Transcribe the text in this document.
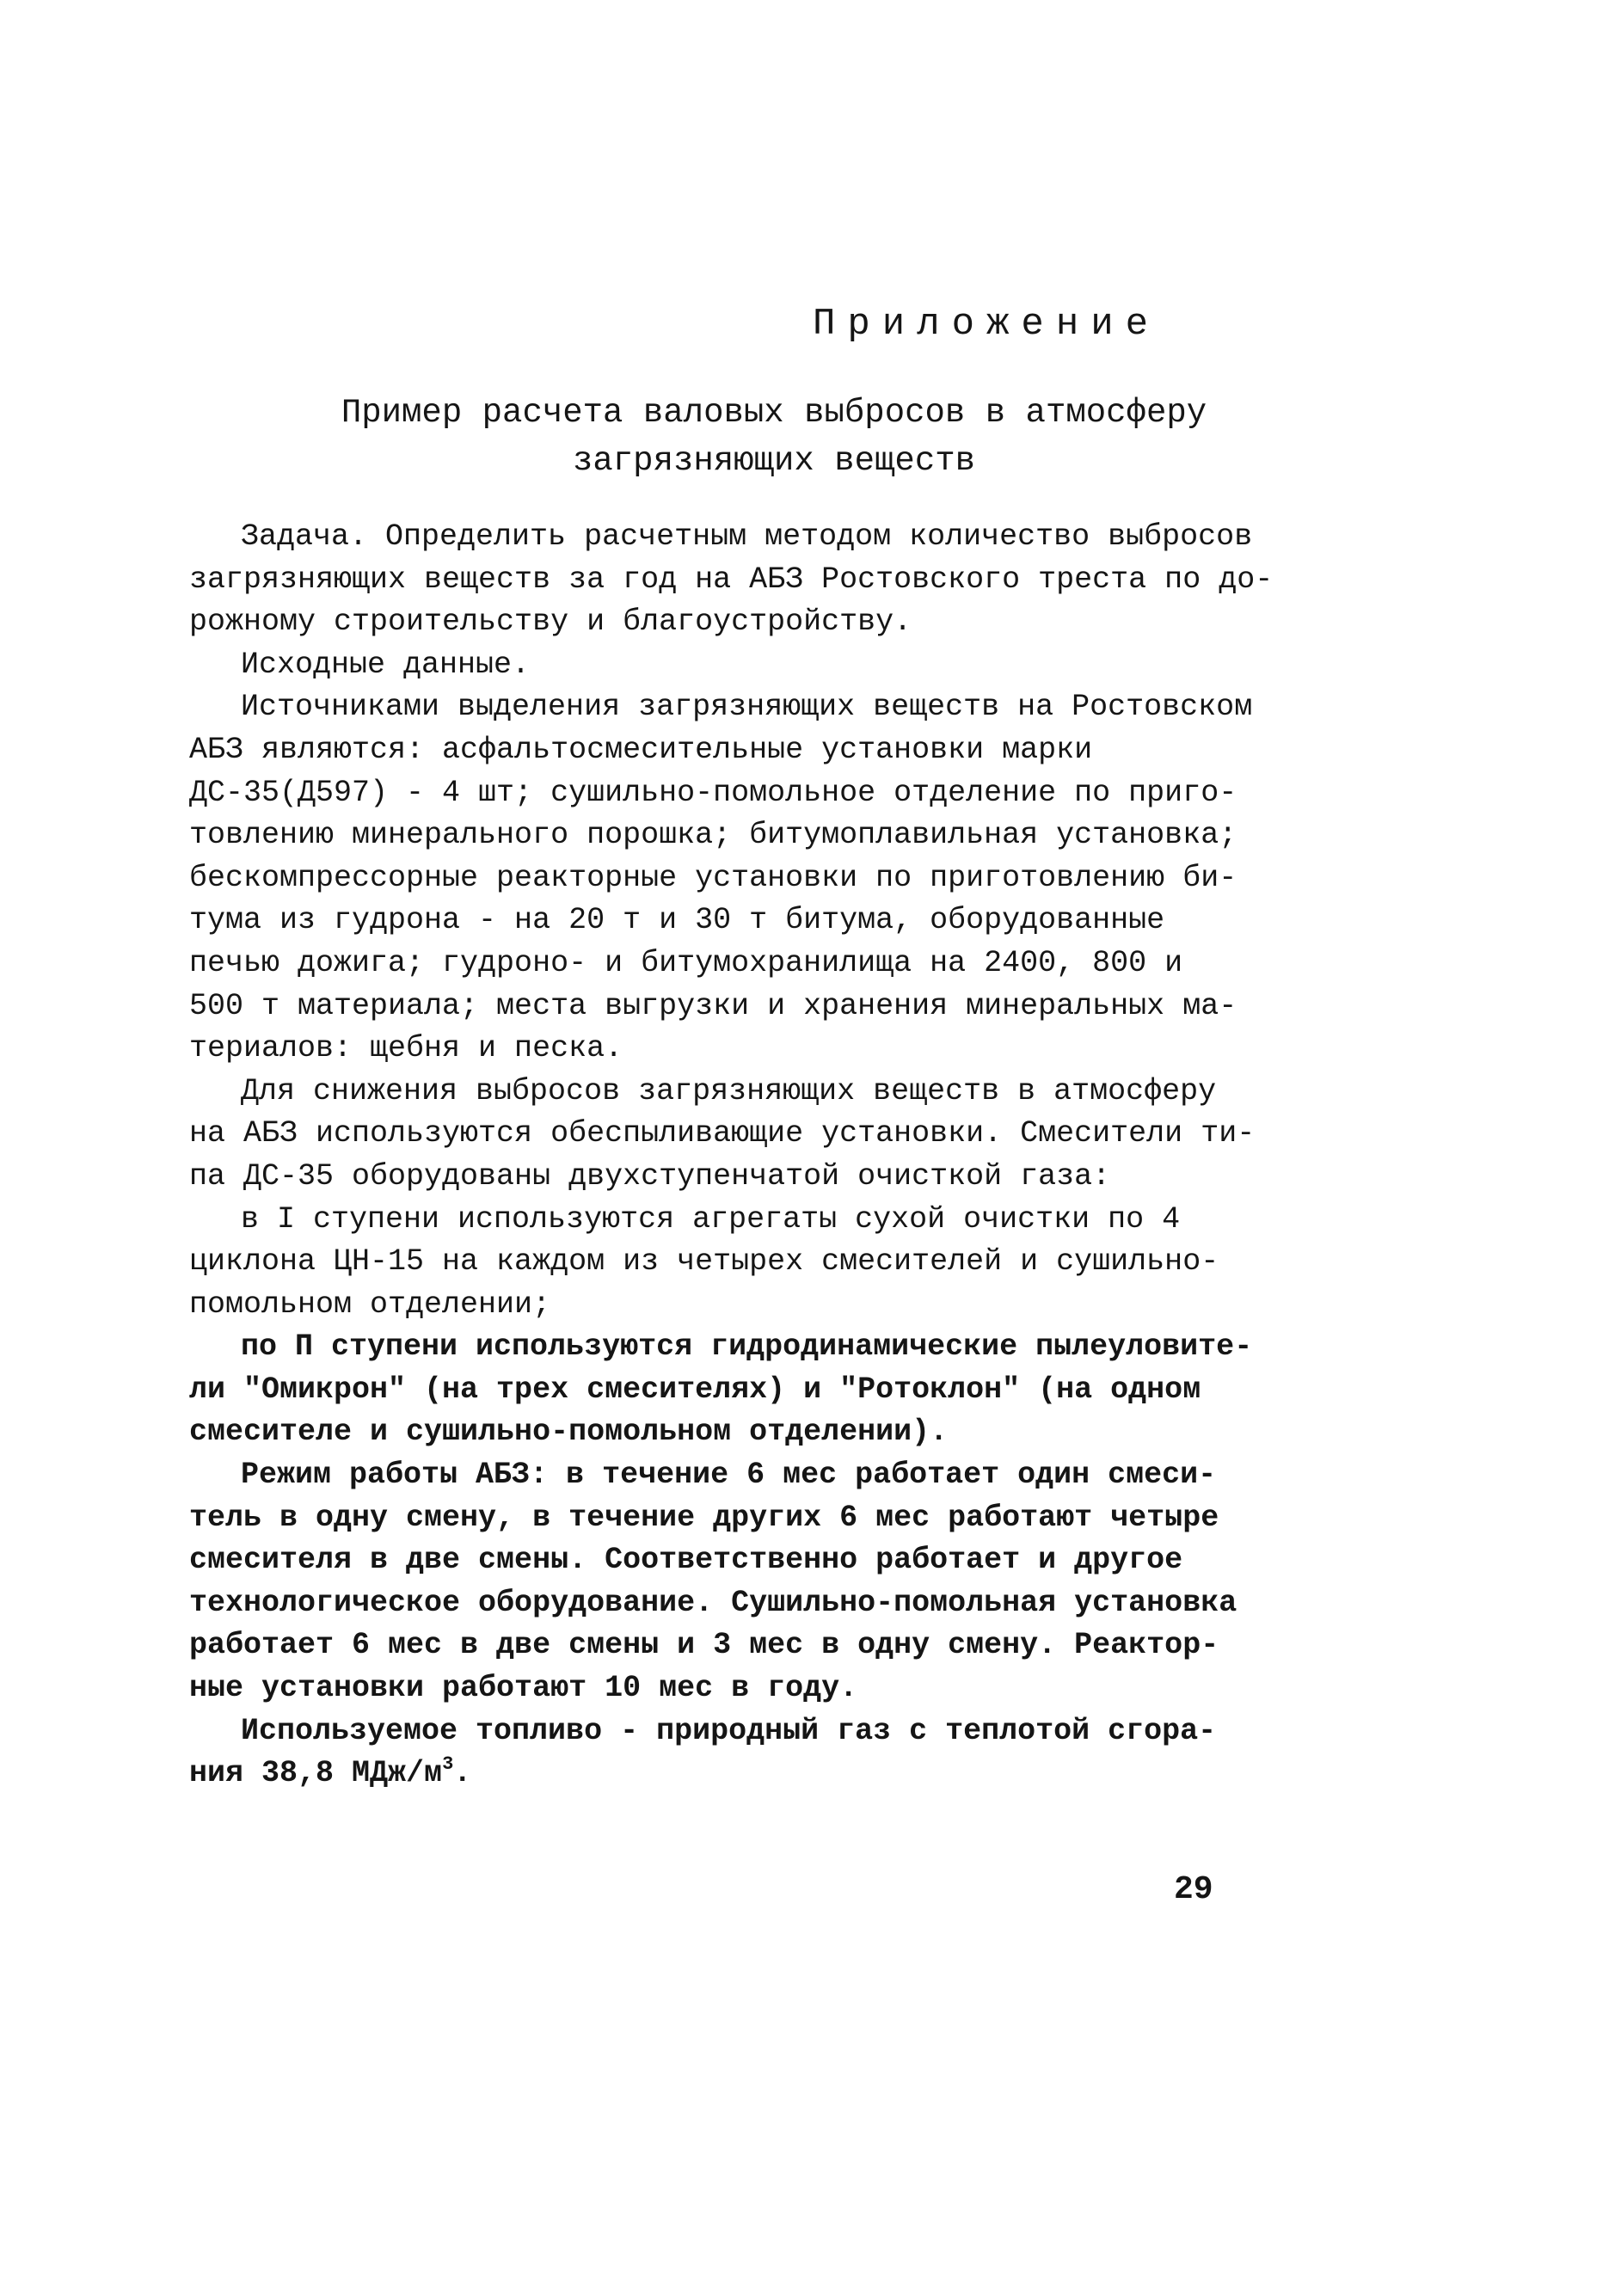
Приложение
Пример расчета валовых выбросов в атмосферу
загрязняющих веществ
Задача. Определить расчетным методом количество выбросов
загрязняющих веществ за год на АБЗ Ростовского треста по до-
рожному строительству и благоустройству.
Исходные данные.
Источниками выделения загрязняющих веществ на Ростовском
АБЗ являются: асфальтосмесительные установки марки
ДС-35(Д597) - 4 шт; сушильно-помольное отделение по приго-
товлению минерального порошка; битумоплавильная установка;
бескомпрессорные реакторные установки по приготовлению би-
тума из гудрона - на 20 т и 30 т битума, оборудованные
печью дожига; гудроно- и битумохранилища на 2400, 800 и
500 т материала; места выгрузки и хранения минеральных ма-
териалов: щебня и песка.
Для снижения выбросов загрязняющих веществ в атмосферу
на АБЗ используются обеспыливающие установки. Смесители ти-
па ДС-35 оборудованы двухступенчатой очисткой газа:
в I ступени используются агрегаты сухой очистки по 4
циклона ЦН-15 на каждом из четырех смесителей и сушильно-
помольном отделении;
по П ступени используются гидродинамические пылеуловите-
ли "Омикрон" (на трех смесителях) и "Ротоклон" (на одном
смесителе и сушильно-помольном отделении).
Режим работы АБЗ: в течение 6 мес работает один смеси-
тель в одну смену, в течение других 6 мес работают четыре
смесителя в две смены. Соответственно работает и другое
технологическое оборудование. Сушильно-помольная установка
работает 6 мес в две смены и 3 мес в одну смену. Реактор-
ные установки работают 10 мес в году.
Используемое топливо - природный газ с теплотой сгора-
ния 38,8 МДж/$м^3$.
29
